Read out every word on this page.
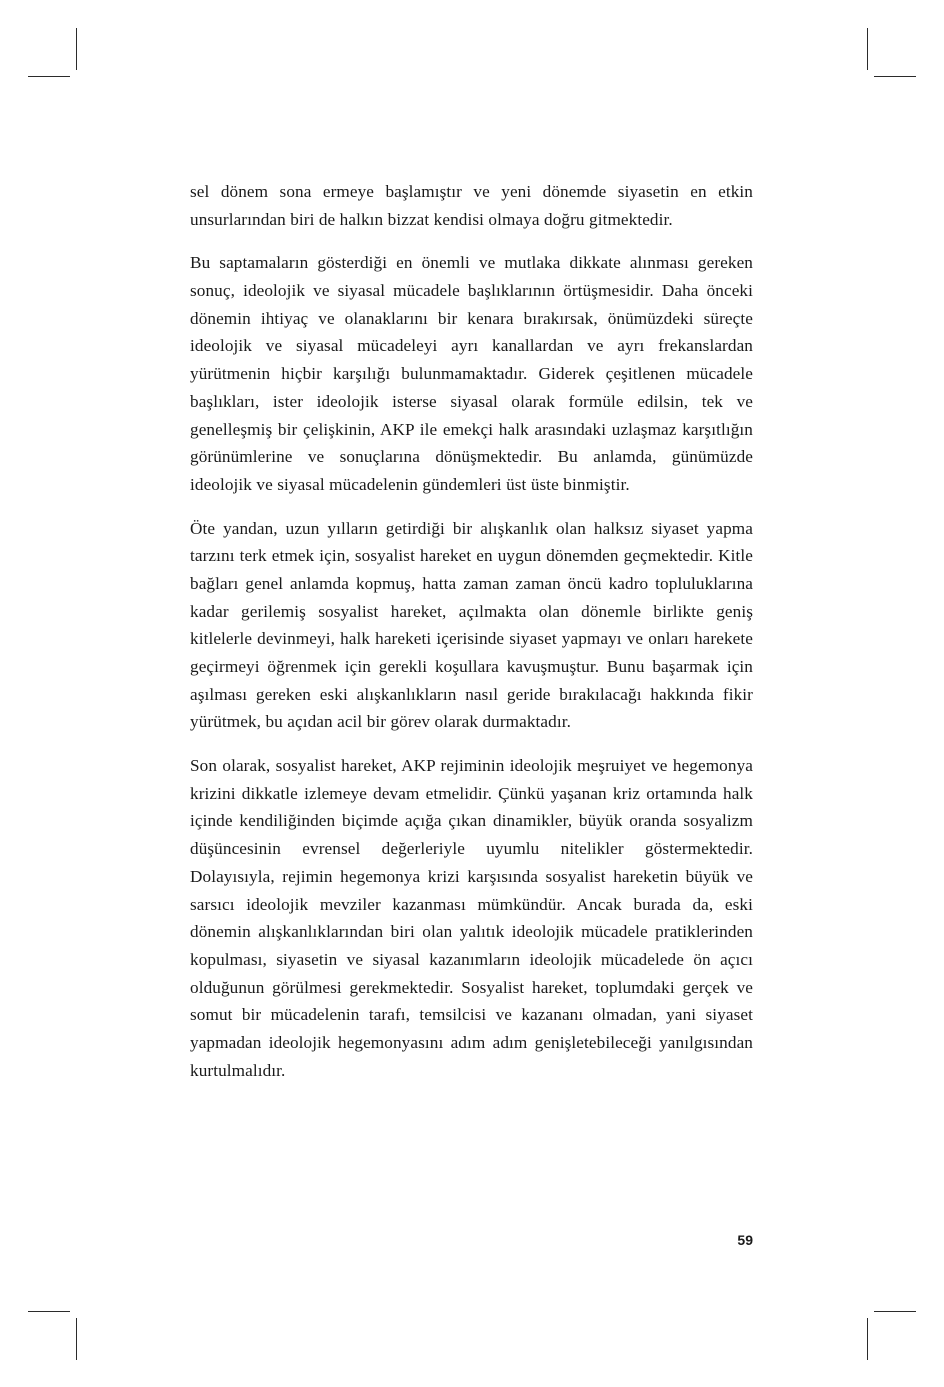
sel dönem sona ermeye başlamıştır ve yeni dönemde siyasetin en etkin unsurlarından biri de halkın bizzat kendisi olmaya doğru gitmektedir.

Bu saptamaların gösterdiği en önemli ve mutlaka dikkate alınması gereken sonuç, ideolojik ve siyasal mücadele başlıklarının örtüşmesidir. Daha önceki dönemin ihtiyaç ve olanaklarını bir kenara bırakırsak, önümüzdeki süreçte ideolojik ve siyasal mücadeleyi ayrı kanallardan ve ayrı frekanslardan yürütmenin hiçbir karşılığı bulunmamaktadır. Giderek çeşitlenen mücadele başlıkları, ister ideolojik isterse siyasal olarak formüle edilsin, tek ve genelleşmiş bir çelişkinin, AKP ile emekçi halk arasındaki uzlaşmaz karşıtlığın görünümlerine ve sonuçlarına dönüşmektedir. Bu anlamda, günümüzde ideolojik ve siyasal mücadelenin gündemleri üst üste binmiştir.

Öte yandan, uzun yılların getirdiği bir alışkanlık olan halksız siyaset yapma tarzını terk etmek için, sosyalist hareket en uygun dönemden geçmektedir. Kitle bağları genel anlamda kopmuş, hatta zaman zaman öncü kadro topluluklarına kadar gerilemiş sosyalist hareket, açılmakta olan dönemle birlikte geniş kitlelerle devinmeyi, halk hareketi içerisinde siyaset yapmayı ve onları harekete geçirmeyi öğrenmek için gerekli koşullara kavuşmuştur. Bunu başarmak için aşılması gereken eski alışkanlıkların nasıl geride bırakılacağı hakkında fikir yürütmek, bu açıdan acil bir görev olarak durmaktadır.

Son olarak, sosyalist hareket, AKP rejiminin ideolojik meşruiyet ve hegemonya krizini dikkatle izlemeye devam etmelidir. Çünkü yaşanan kriz ortamında halk içinde kendiliğinden biçimde açığa çıkan dinamikler, büyük oranda sosyalizm düşüncesinin evrensel değerleriyle uyumlu nitelikler göstermektedir. Dolayısıyla, rejimin hegemonya krizi karşısında sosyalist hareketin büyük ve sarsıcı ideolojik mevziler kazanması mümkündür. Ancak burada da, eski dönemin alışkanlıklarından biri olan yalıtık ideolojik mücadele pratiklerinden kopulması, siyasetin ve siyasal kazanımların ideolojik mücadelede ön açıcı olduğunun görülmesi gerekmektedir. Sosyalist hareket, toplumdaki gerçek ve somut bir mücadelenin tarafı, temsilcisi ve kazananı olmadan, yani siyaset yapmadan ideolojik hegemonyasını adım adım genişletebileceği yanılgısından kurtulmalıdır.

59
